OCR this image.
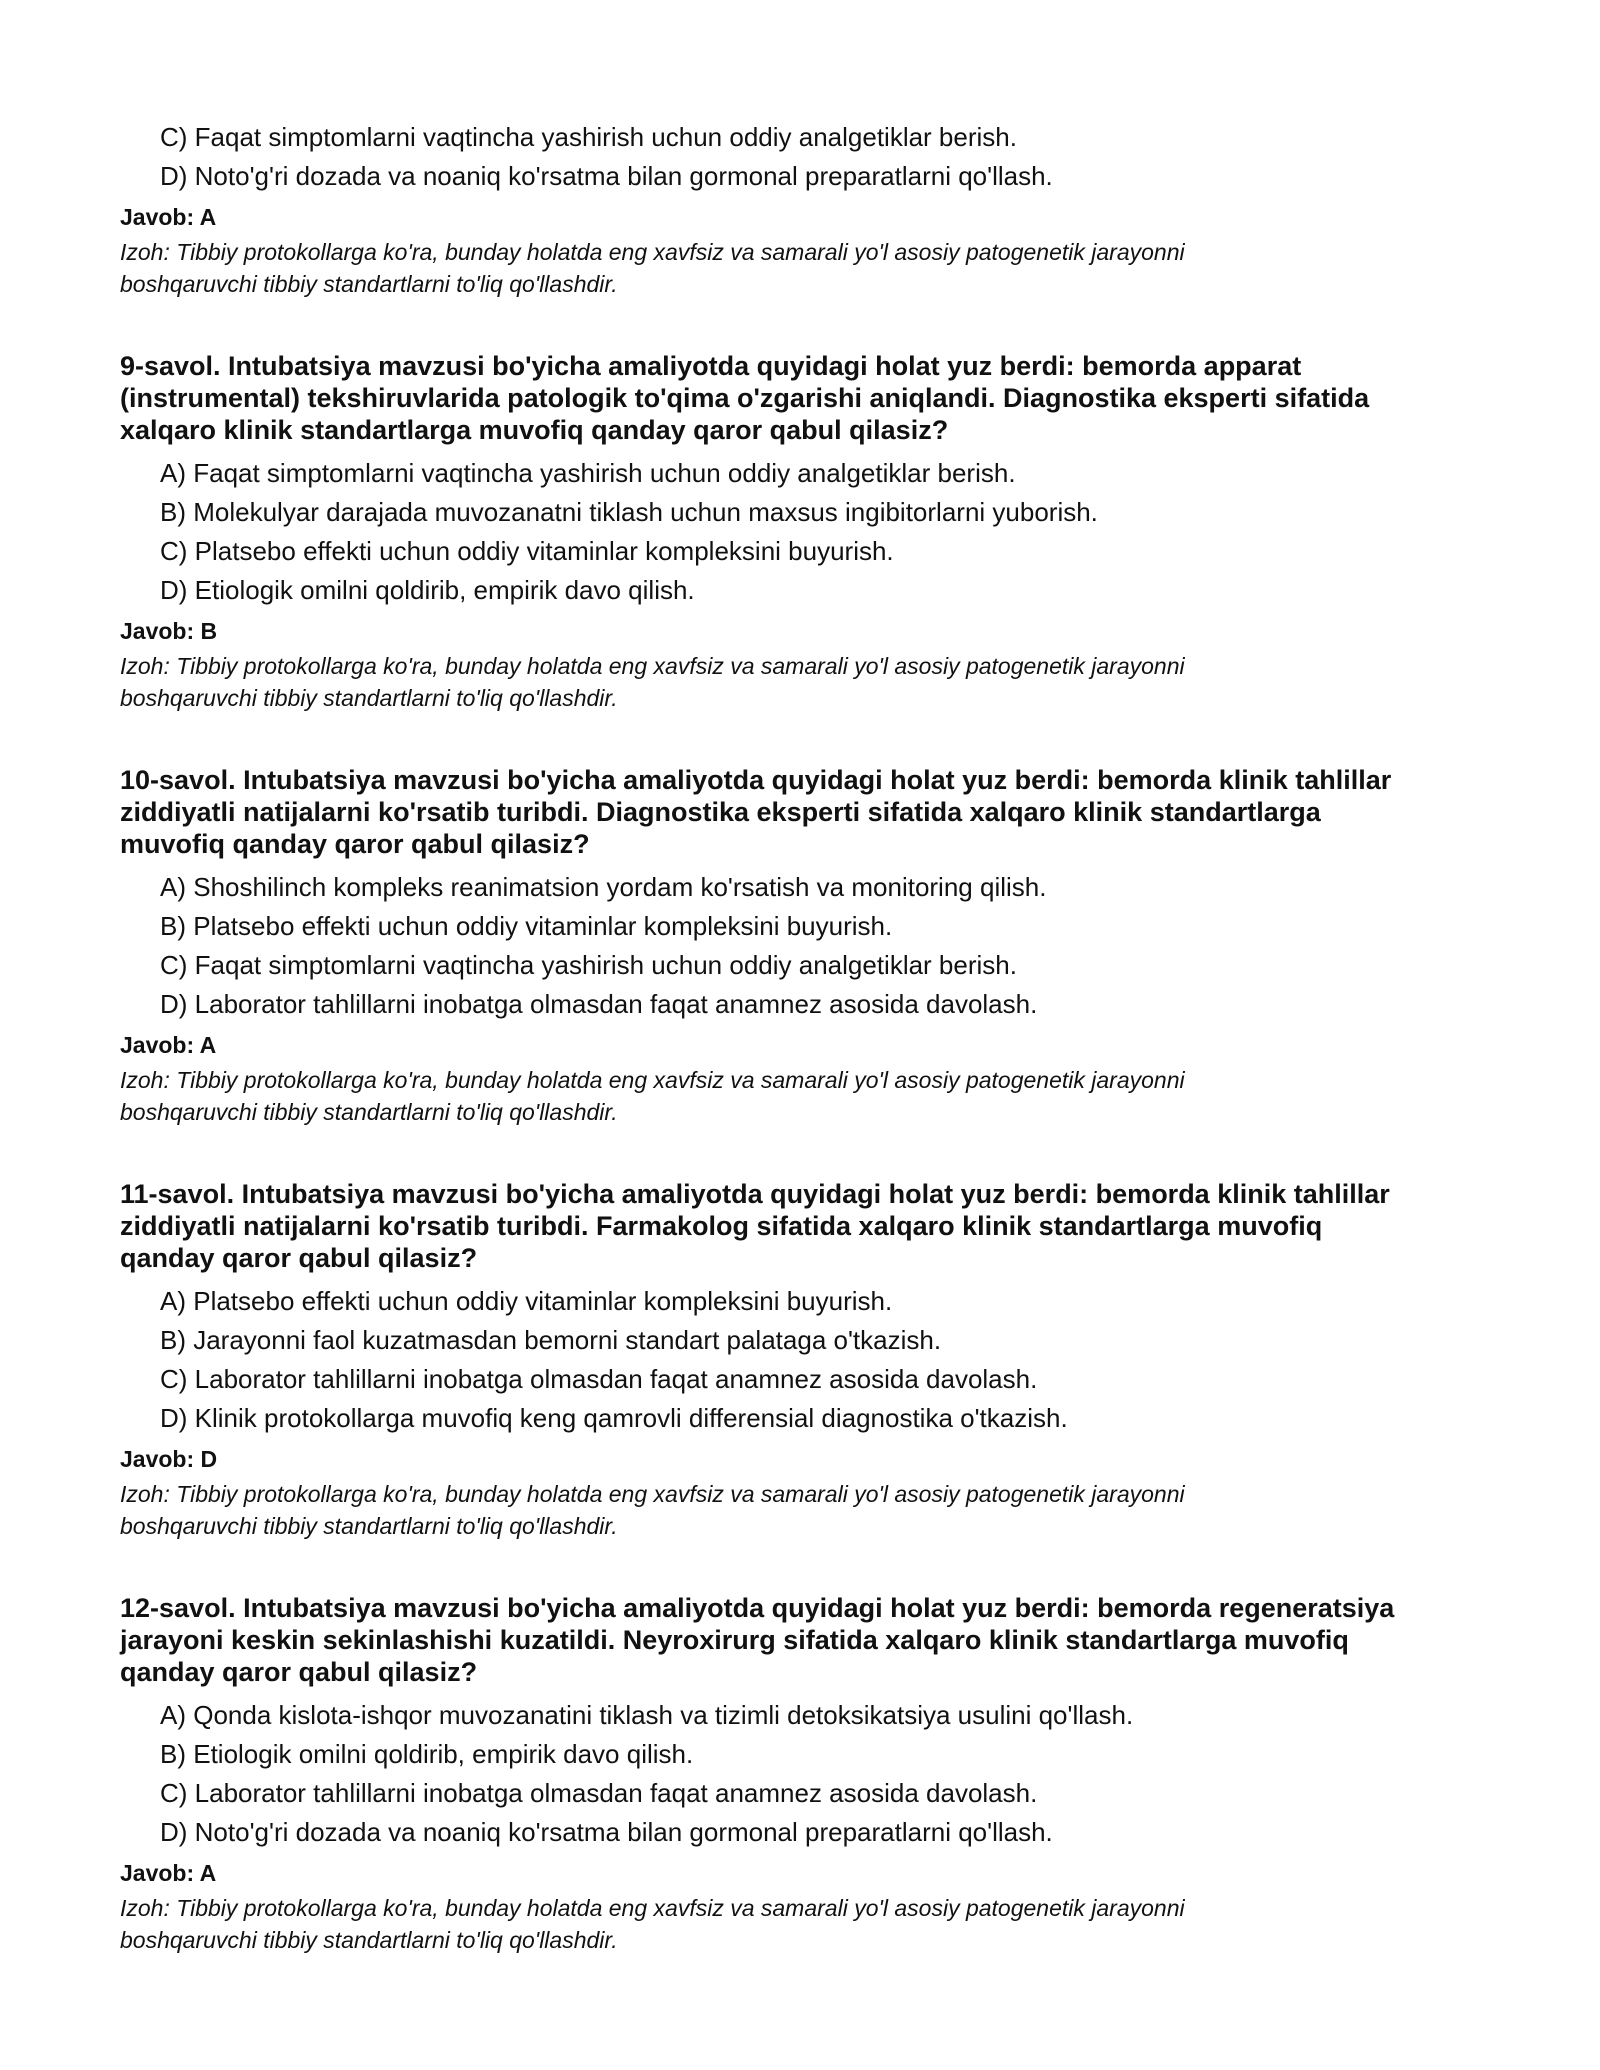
C) Faqat simptomlarni vaqtincha yashirish uchun oddiy analgetiklar berish.
D) Noto'g'ri dozada va noaniq ko'rsatma bilan gormonal preparatlarni qo'llash.
Javob: A
Izoh: Tibbiy protokollarga ko'ra, bunday holatda eng xavfsiz va samarali yo'l asosiy patogenetik jarayonni
boshqaruvchi tibbiy standartlarni to'liq qo'llashdir.
9-savol. Intubatsiya mavzusi bo'yicha amaliyotda quyidagi holat yuz berdi: bemorda apparat
(instrumental) tekshiruvlarida patologik to'qima o'zgarishi aniqlandi. Diagnostika eksperti sifatida
xalqaro klinik standartlarga muvofiq qanday qaror qabul qilasiz?
A) Faqat simptomlarni vaqtincha yashirish uchun oddiy analgetiklar berish.
B) Molekulyar darajada muvozanatni tiklash uchun maxsus ingibitorlarni yuborish.
C) Platsebo effekti uchun oddiy vitaminlar kompleksini buyurish.
D) Etiologik omilni qoldirib, empirik davo qilish.
Javob: B
Izoh: Tibbiy protokollarga ko'ra, bunday holatda eng xavfsiz va samarali yo'l asosiy patogenetik jarayonni
boshqaruvchi tibbiy standartlarni to'liq qo'llashdir.
10-savol. Intubatsiya mavzusi bo'yicha amaliyotda quyidagi holat yuz berdi: bemorda klinik tahlillar
ziddiyatli natijalarni ko'rsatib turibdi. Diagnostika eksperti sifatida xalqaro klinik standartlarga
muvofiq qanday qaror qabul qilasiz?
A) Shoshilinch kompleks reanimatsion yordam ko'rsatish va monitoring qilish.
B) Platsebo effekti uchun oddiy vitaminlar kompleksini buyurish.
C) Faqat simptomlarni vaqtincha yashirish uchun oddiy analgetiklar berish.
D) Laborator tahlillarni inobatga olmasdan faqat anamnez asosida davolash.
Javob: A
Izoh: Tibbiy protokollarga ko'ra, bunday holatda eng xavfsiz va samarali yo'l asosiy patogenetik jarayonni
boshqaruvchi tibbiy standartlarni to'liq qo'llashdir.
11-savol. Intubatsiya mavzusi bo'yicha amaliyotda quyidagi holat yuz berdi: bemorda klinik tahlillar
ziddiyatli natijalarni ko'rsatib turibdi. Farmakolog sifatida xalqaro klinik standartlarga muvofiq
qanday qaror qabul qilasiz?
A) Platsebo effekti uchun oddiy vitaminlar kompleksini buyurish.
B) Jarayonni faol kuzatmasdan bemorni standart palataga o'tkazish.
C) Laborator tahlillarni inobatga olmasdan faqat anamnez asosida davolash.
D) Klinik protokollarga muvofiq keng qamrovli differensial diagnostika o'tkazish.
Javob: D
Izoh: Tibbiy protokollarga ko'ra, bunday holatda eng xavfsiz va samarali yo'l asosiy patogenetik jarayonni
boshqaruvchi tibbiy standartlarni to'liq qo'llashdir.
12-savol. Intubatsiya mavzusi bo'yicha amaliyotda quyidagi holat yuz berdi: bemorda regeneratsiya
jarayoni keskin sekinlashishi kuzatildi. Neyroxirurg sifatida xalqaro klinik standartlarga muvofiq
qanday qaror qabul qilasiz?
A) Qonda kislota-ishqor muvozanatini tiklash va tizimli detoksikatsiya usulini qo'llash.
B) Etiologik omilni qoldirib, empirik davo qilish.
C) Laborator tahlillarni inobatga olmasdan faqat anamnez asosida davolash.
D) Noto'g'ri dozada va noaniq ko'rsatma bilan gormonal preparatlarni qo'llash.
Javob: A
Izoh: Tibbiy protokollarga ko'ra, bunday holatda eng xavfsiz va samarali yo'l asosiy patogenetik jarayonni
boshqaruvchi tibbiy standartlarni to'liq qo'llashdir.
